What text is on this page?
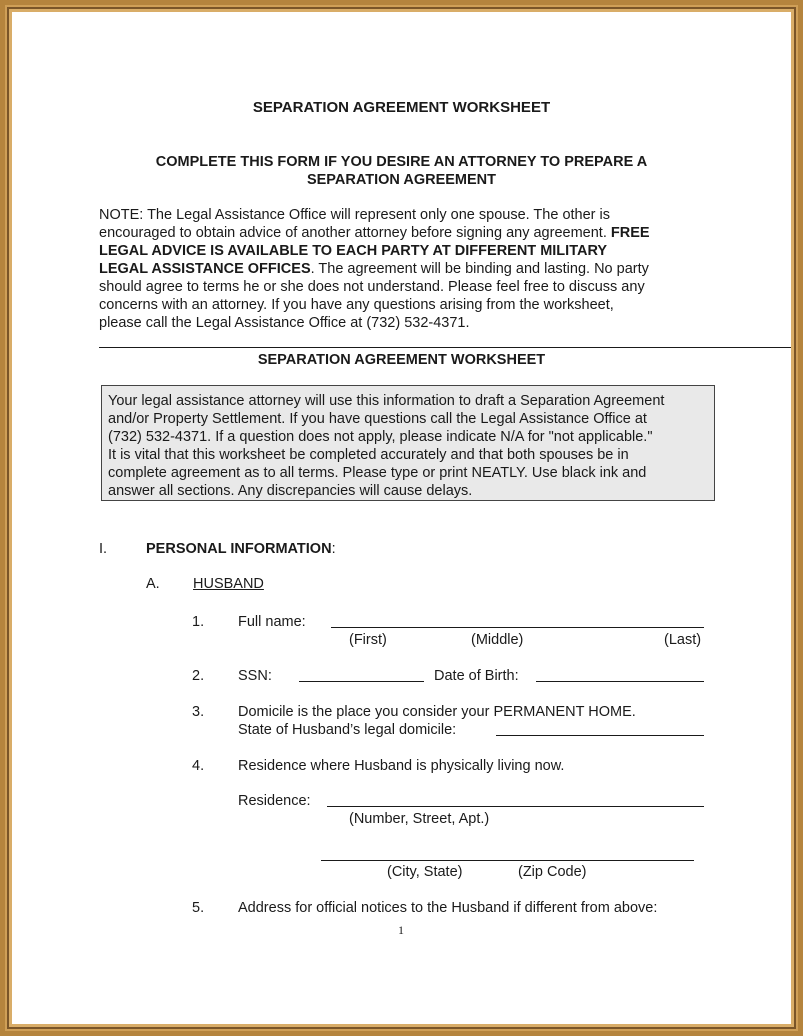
SEPARATION AGREEMENT WORKSHEET
COMPLETE THIS FORM IF YOU DESIRE AN ATTORNEY TO PREPARE A
SEPARATION AGREEMENT
NOTE: The Legal Assistance Office will represent only one spouse. The other is
encouraged to obtain advice of another attorney before signing any agreement. FREE
LEGAL ADVICE IS AVAILABLE TO EACH PARTY AT DIFFERENT MILITARY
LEGAL ASSISTANCE OFFICES. The agreement will be binding and lasting. No party
should agree to terms he or she does not understand. Please feel free to discuss any
concerns with an attorney. If you have any questions arising from the worksheet,
please call the Legal Assistance Office at (732) 532-4371.
SEPARATION AGREEMENT WORKSHEET
Your legal assistance attorney will use this information to draft a Separation Agreement
and/or Property Settlement. If you have questions call the Legal Assistance Office at
(732) 532-4371. If a question does not apply, please indicate N/A for "not applicable."
It is vital that this worksheet be completed accurately and that both spouses be in
complete agreement as to all terms. Please type or print NEATLY. Use black ink and
answer all sections. Any discrepancies will cause delays.
I.	PERSONAL INFORMATION:
A. HUSBAND
1. Full name:
(First)	(Middle)	(Last)
2. SSN:	Date of Birth:
3. Domicile is the place you consider your PERMANENT HOME.
State of Husband’s legal domicile:
4. Residence where Husband is physically living now.
Residence:
(Number, Street, Apt.)
(City, State)	(Zip Code)
5. Address for official notices to the Husband if different from above:
1
